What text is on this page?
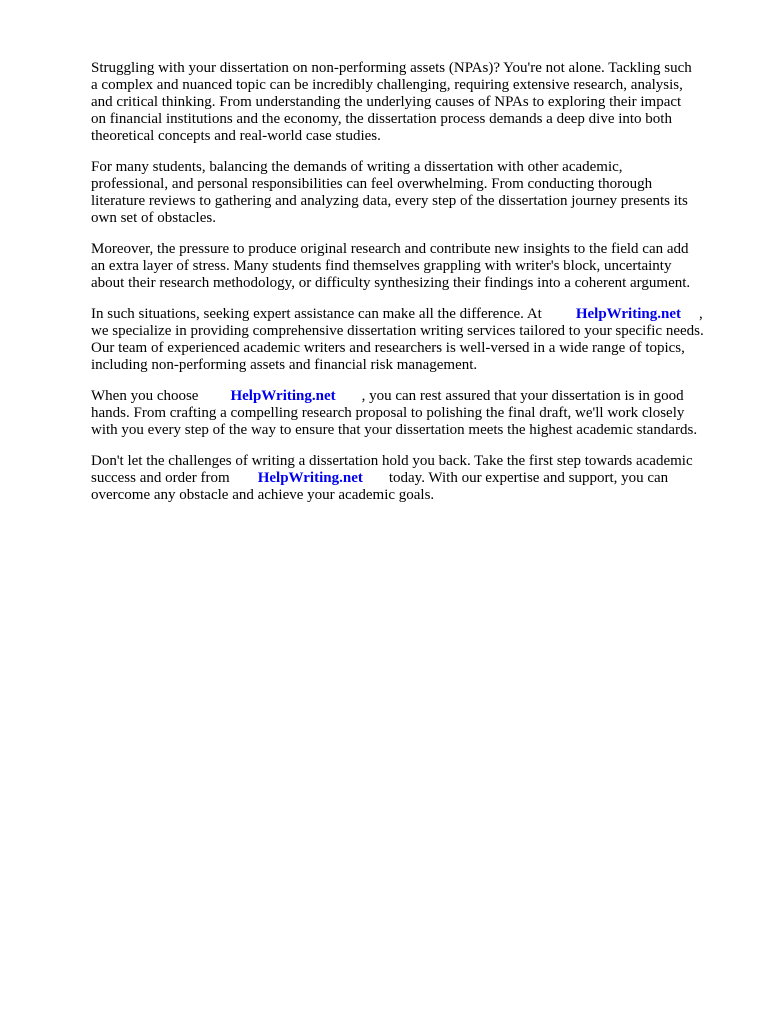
Struggling with your dissertation on non-performing assets (NPAs)? You're not alone. Tackling such
a complex and nuanced topic can be incredibly challenging, requiring extensive research, analysis,
and critical thinking. From understanding the underlying causes of NPAs to exploring their impact
on financial institutions and the economy, the dissertation process demands a deep dive into both
theoretical concepts and real-world case studies.

For many students, balancing the demands of writing a dissertation with other academic,
professional, and personal responsibilities can feel overwhelming. From conducting thorough
literature reviews to gathering and analyzing data, every step of the dissertation journey presents its
own set of obstacles.

Moreover, the pressure to produce original research and contribute new insights to the field can add
an extra layer of stress. Many students find themselves grappling with writer's block, uncertainty
about their research methodology, or difficulty synthesizing their findings into a coherent argument.

In such situations, seeking expert assistance can make all the difference. At HelpWriting.net ,
we specialize in providing comprehensive dissertation writing services tailored to your specific needs.
Our team of experienced academic writers and researchers is well-versed in a wide range of topics,
including non-performing assets and financial risk management.

When you choose HelpWriting.net , you can rest assured that your dissertation is in good
hands. From crafting a compelling research proposal to polishing the final draft, we'll work closely
with you every step of the way to ensure that your dissertation meets the highest academic standards.

Don't let the challenges of writing a dissertation hold you back. Take the first step towards academic
success and order from HelpWriting.net today. With our expertise and support, you can
overcome any obstacle and achieve your academic goals.
